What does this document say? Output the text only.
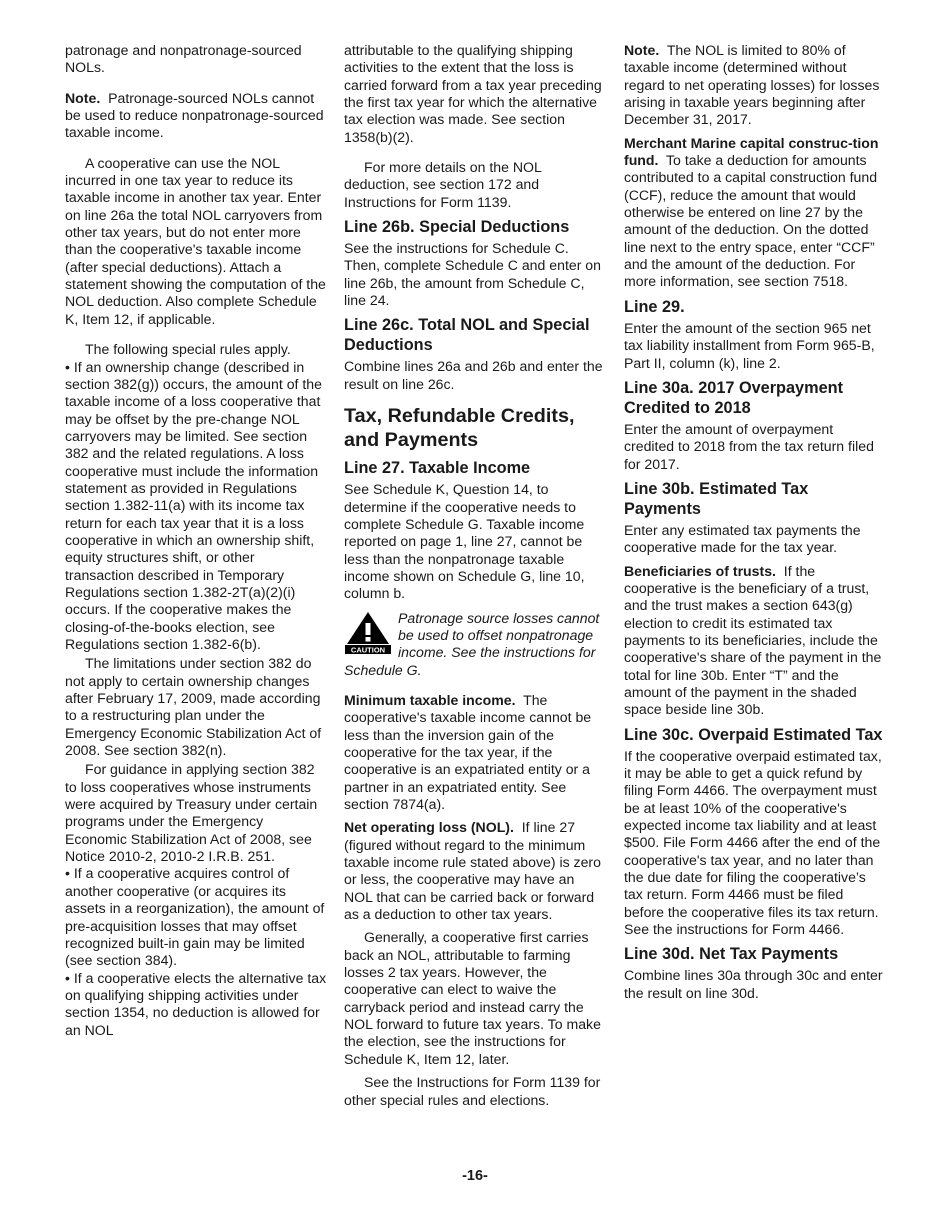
patronage and nonpatronage-sourced NOLs.

Note. Patronage-sourced NOLs cannot be used to reduce nonpatronage-sourced taxable income.

A cooperative can use the NOL incurred in one tax year to reduce its taxable income in another tax year. Enter on line 26a the total NOL carryovers from other tax years, but do not enter more than the cooperative's taxable income (after special deductions). Attach a statement showing the computation of the NOL deduction. Also complete Schedule K, Item 12, if applicable.

The following special rules apply.

• If an ownership change (described in section 382(g)) occurs, the amount of the taxable income of a loss cooperative that may be offset by the pre-change NOL carryovers may be limited. See section 382 and the related regulations. A loss cooperative must include the information statement as provided in Regulations section 1.382-11(a) with its income tax return for each tax year that it is a loss cooperative in which an ownership shift, equity structures shift, or other transaction described in Temporary Regulations section 1.382-2T(a)(2)(i) occurs. If the cooperative makes the closing-of-the-books election, see Regulations section 1.382-6(b).

The limitations under section 382 do not apply to certain ownership changes after February 17, 2009, made according to a restructuring plan under the Emergency Economic Stabilization Act of 2008. See section 382(n).

For guidance in applying section 382 to loss cooperatives whose instruments were acquired by Treasury under certain programs under the Emergency Economic Stabilization Act of 2008, see Notice 2010-2, 2010-2 I.R.B. 251.

• If a cooperative acquires control of another cooperative (or acquires its assets in a reorganization), the amount of pre-acquisition losses that may offset recognized built-in gain may be limited (see section 384).

• If a cooperative elects the alternative tax on qualifying shipping activities under section 1354, no deduction is allowed for an NOL

attributable to the qualifying shipping activities to the extent that the loss is carried forward from a tax year preceding the first tax year for which the alternative tax election was made. See section 1358(b)(2).

For more details on the NOL deduction, see section 172 and Instructions for Form 1139.

Line 26b. Special Deductions

See the instructions for Schedule C. Then, complete Schedule C and enter on line 26b, the amount from Schedule C, line 24.

Line 26c. Total NOL and Special Deductions

Combine lines 26a and 26b and enter the result on line 26c.

Tax, Refundable Credits, and Payments
Line 27. Taxable Income

See Schedule K, Question 14, to determine if the cooperative needs to complete Schedule G. Taxable income reported on page 1, line 27, cannot be less than the nonpatronage taxable income shown on Schedule G, line 10, column b.

CAUTION

Patronage source losses cannot be used to offset nonpatronage income. See the instructions for Schedule G.

Minimum taxable income. The cooperative's taxable income cannot be less than the inversion gain of the cooperative for the tax year, if the cooperative is an expatriated entity or a partner in an expatriated entity. See section 7874(a).

Net operating loss (NOL). If line 27 (figured without regard to the minimum taxable income rule stated above) is zero or less, the cooperative may have an NOL that can be carried back or forward as a deduction to other tax years.

Generally, a cooperative first carries back an NOL, attributable to farming losses 2 tax years. However, the cooperative can elect to waive the carryback period and instead carry the NOL forward to future tax years. To make the election, see the instructions for Schedule K, Item 12, later.

See the Instructions for Form 1139 for other special rules and elections.

Note. The NOL is limited to 80% of taxable income (determined without regard to net operating losses) for losses arising in taxable years beginning after December 31, 2017.

Merchant Marine capital construc-tion fund. To take a deduction for amounts contributed to a capital construction fund (CCF), reduce the amount that would otherwise be entered on line 27 by the amount of the deduction. On the dotted line next to the entry space, enter “CCF” and the amount of the deduction. For more information, see section 7518.

Line 29.

Enter the amount of the section 965 net tax liability installment from Form 965-B, Part II, column (k), line 2.

Line 30a. 2017 Overpayment Credited to 2018

Enter the amount of overpayment credited to 2018 from the tax return filed for 2017.

Line 30b. Estimated Tax Payments

Enter any estimated tax payments the cooperative made for the tax year.

Beneficiaries of trusts. If the cooperative is the beneficiary of a trust, and the trust makes a section 643(g) election to credit its estimated tax payments to its beneficiaries, include the cooperative's share of the payment in the total for line 30b. Enter “T” and the amount of the payment in the shaded space beside line 30b.

Line 30c. Overpaid Estimated Tax

If the cooperative overpaid estimated tax, it may be able to get a quick refund by filing Form 4466. The overpayment must be at least 10% of the cooperative's expected income tax liability and at least $500. File Form 4466 after the end of the cooperative's tax year, and no later than the due date for filing the cooperative’s tax return. Form 4466 must be filed before the cooperative files its tax return. See the instructions for Form 4466.

Line 30d. Net Tax Payments

Combine lines 30a through 30c and enter the result on line 30d.

-16-
